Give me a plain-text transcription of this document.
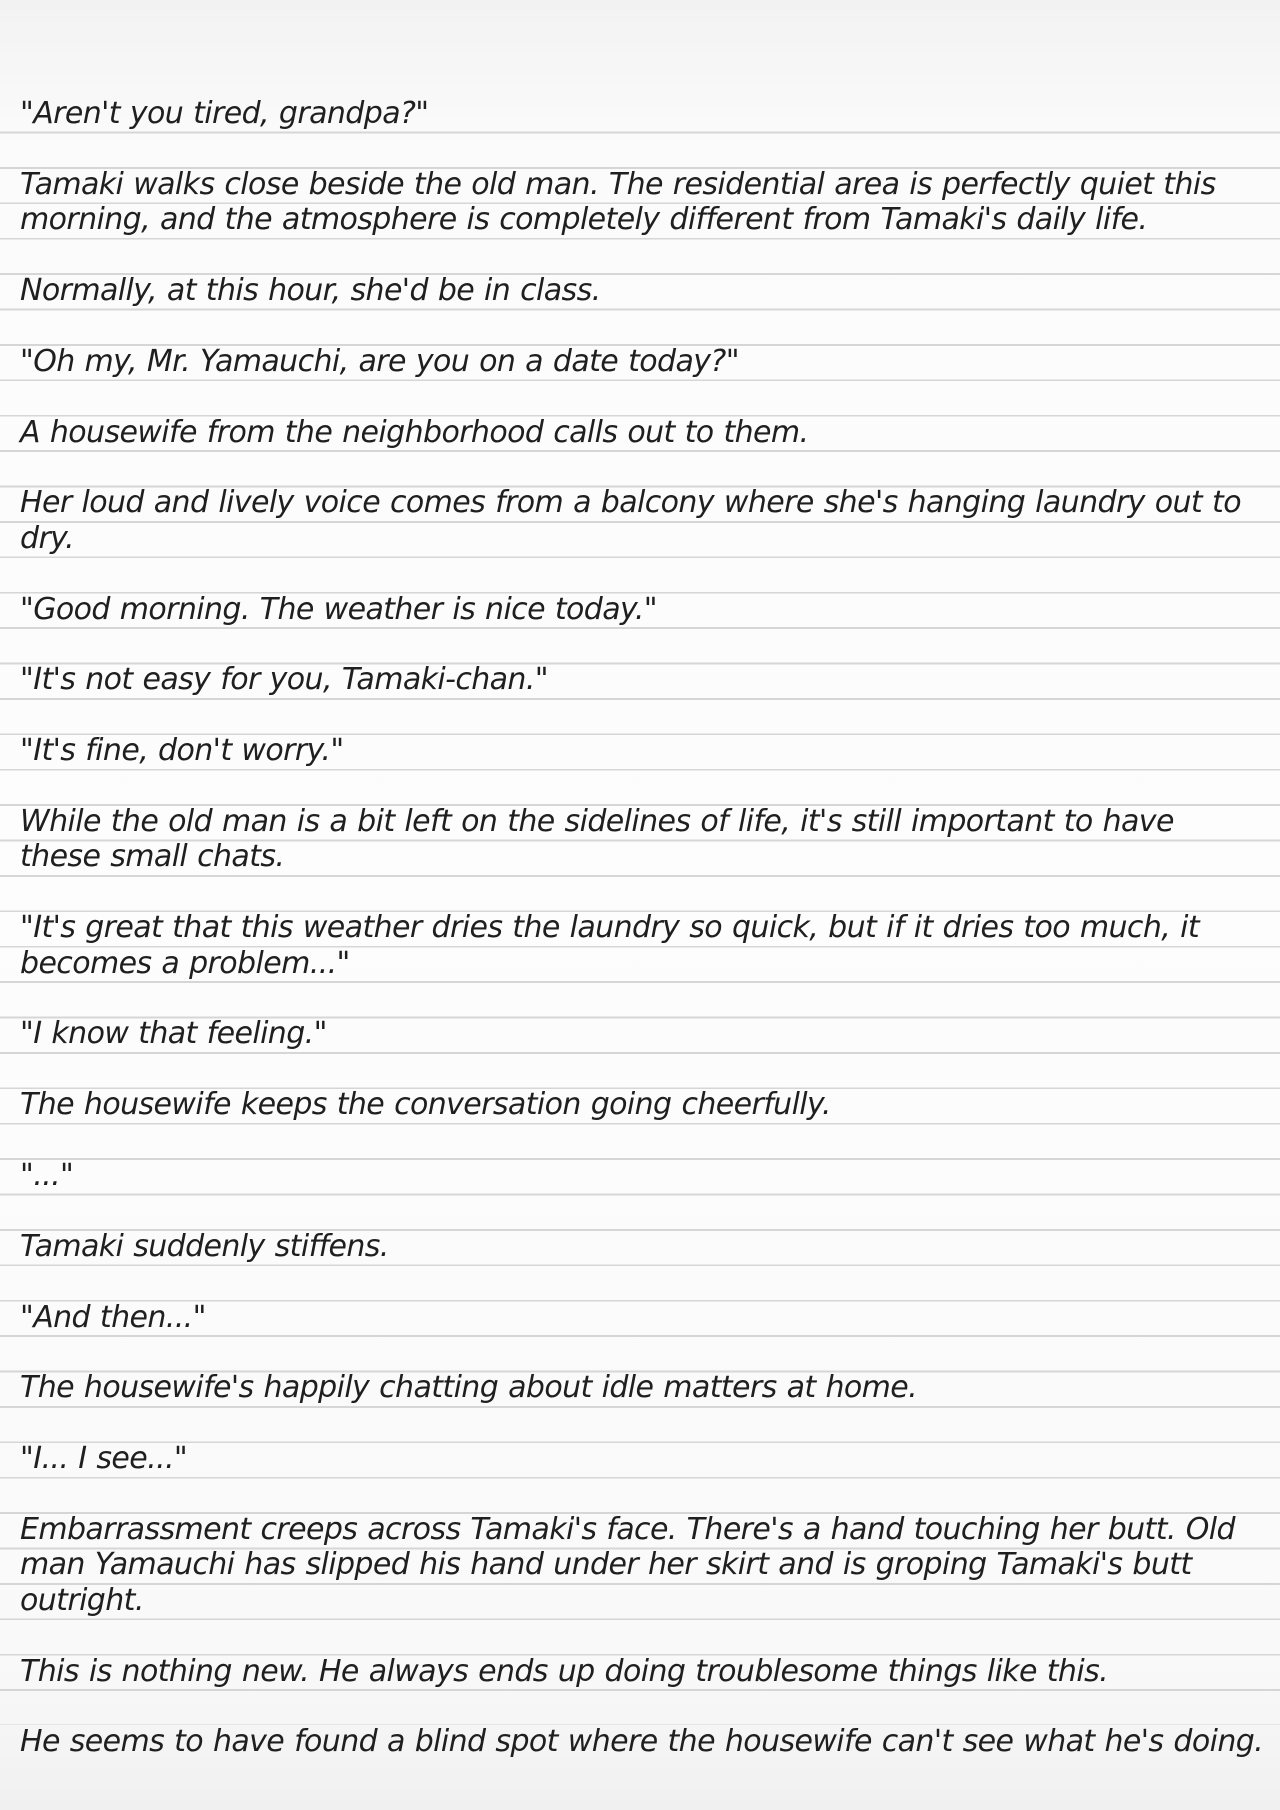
"Aren't you tired, grandpa?"

Tamaki walks close beside the old man. The residential area is perfectly quiet this morning, and the atmosphere is completely different from Tamaki's daily life.

Normally, at this hour, she'd be in class.

"Oh my, Mr. Yamauchi, are you on a date today?"

A housewife from the neighborhood calls out to them.

Her loud and lively voice comes from a balcony where she's hanging laundry out to dry.

"Good morning. The weather is nice today."

"It's not easy for you, Tamaki-chan."

"It's fine, don't worry."

While the old man is a bit left on the sidelines of life, it's still important to have these small chats.

"It's great that this weather dries the laundry so quick, but if it dries too much, it becomes a problem..."

"I know that feeling."

The housewife keeps the conversation going cheerfully.

"..."

Tamaki suddenly stiffens.

"And then..."

The housewife's happily chatting about idle matters at home.

"I... I see..."

Embarrassment creeps across Tamaki's face. There's a hand touching her butt. Old man Yamauchi has slipped his hand under her skirt and is groping Tamaki's butt outright.

This is nothing new. He always ends up doing troublesome things like this.

He seems to have found a blind spot where the housewife can't see what he's doing.
